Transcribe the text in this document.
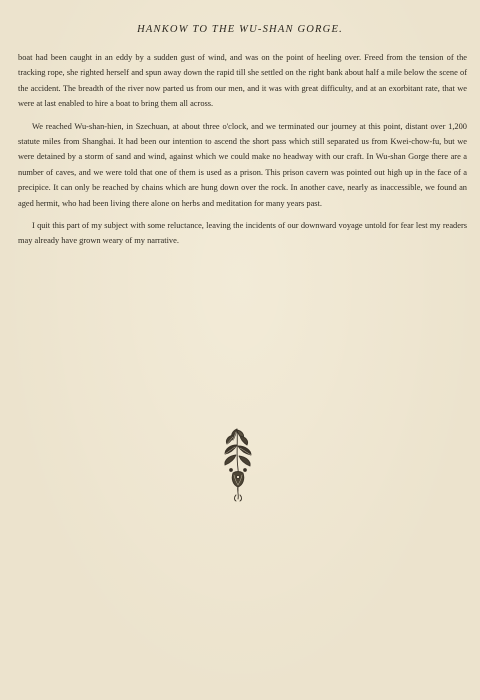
HANKOW TO THE WU-SHAN GORGE.

boat had been caught in an eddy by a sudden gust of wind, and was on the point of heeling over. Freed from the tension of the tracking rope, she righted herself and spun away down the rapid till she settled on the right bank about half a mile below the scene of the accident. The breadth of the river now parted us from our men, and it was with great difficulty, and at an exorbitant rate, that we were at last enabled to hire a boat to bring them all across.

We reached Wu-shan-hien, in Szechuan, at about three o'clock, and we terminated our journey at this point, distant over 1,200 statute miles from Shanghai. It had been our intention to ascend the short pass which still separated us from Kwei-chow-fu, but we were detained by a storm of sand and wind, against which we could make no headway with our craft. In Wu-shan Gorge there are a number of caves, and we were told that one of them is used as a prison. This prison cavern was pointed out high up in the face of a precipice. It can only be reached by chains which are hung down over the rock. In another cave, nearly as inaccessible, we found an aged hermit, who had been living there alone on herbs and meditation for many years past.

I quit this part of my subject with some reluctance, leaving the incidents of our downward voyage untold for fear lest my readers may already have grown weary of my narrative.
